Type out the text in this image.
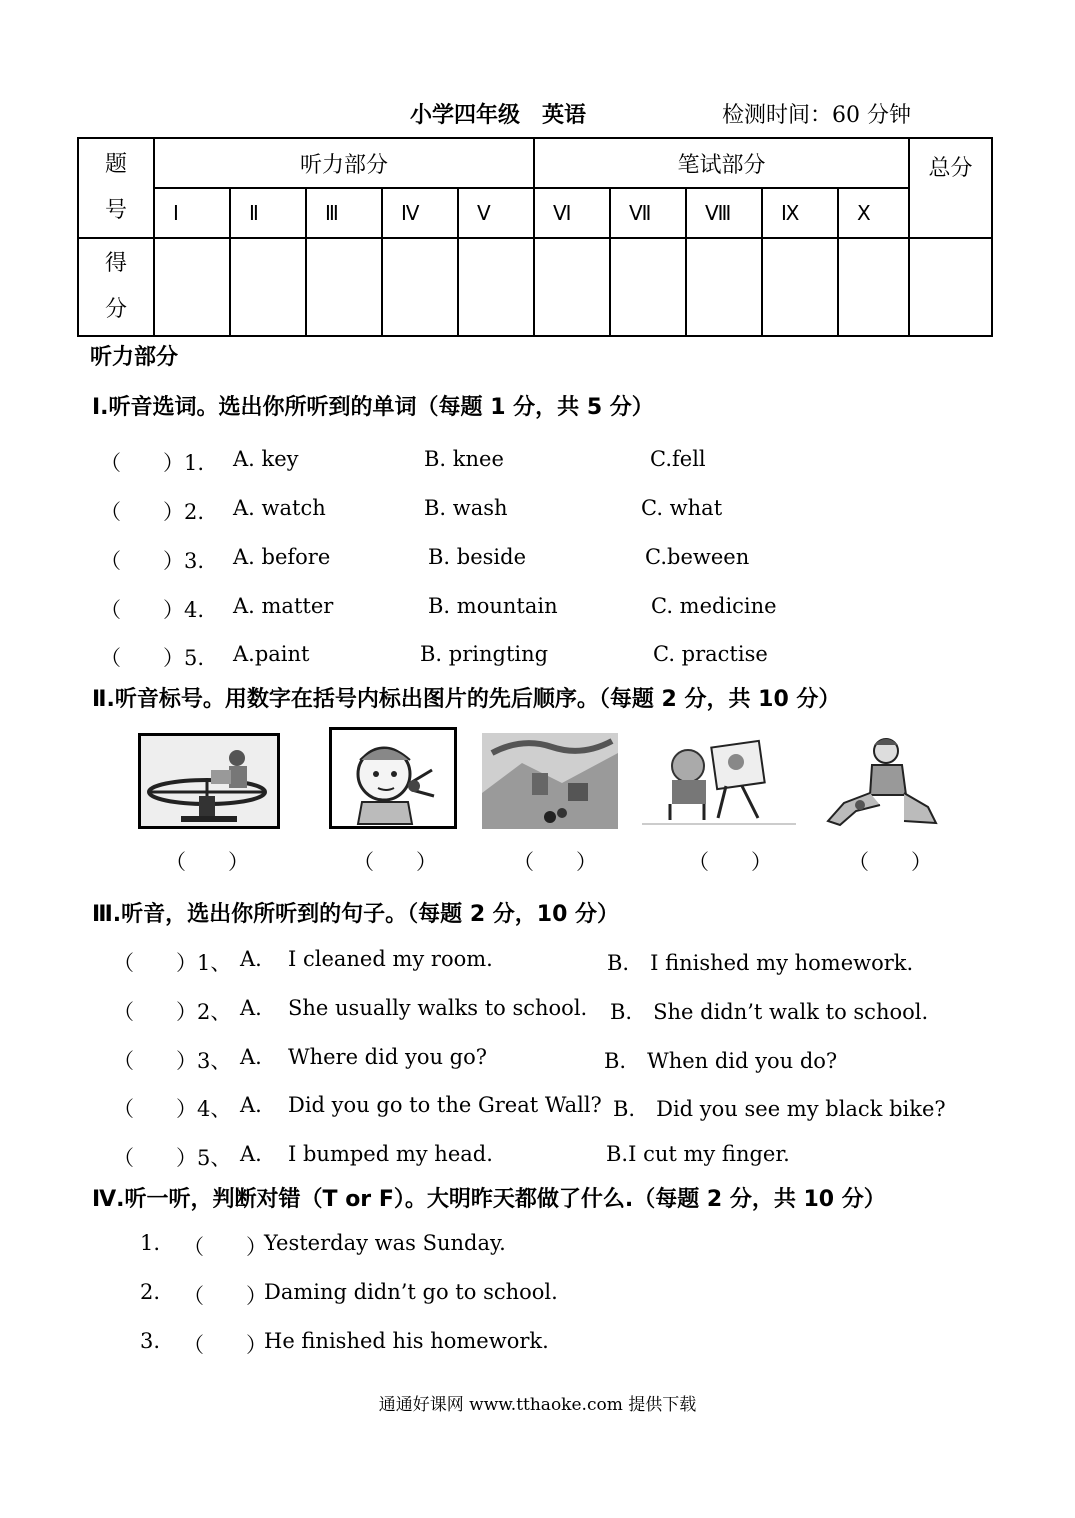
小学四年级　英语	检测时间：60 分钟
题
号	听力部分					笔试部分					总分
	Ⅰ	Ⅱ	Ⅲ	Ⅳ	Ⅴ	Ⅵ	Ⅶ	Ⅷ	Ⅸ	Ⅹ	

得
分											

听力部分
Ⅰ.听音选词。选出你所听到的单词（每题 1 分，共 5 分）
（　　）1. A. key	B. knee	C.fell
（　　）2. A. watch	B. wash	C. what
（　　）3. A. before	B. beside	C.beween
（　　）4. A. matter	B. mountain	C. medicine
（　　）5. A.paint	B. pringting	C. practise
Ⅱ.听音标号。用数字在括号内标出图片的先后顺序。（每题 2 分，共 10 分）
（　　）	（　　）	（　　）	（　　）	（　　）
Ⅲ.听音，选出你所听到的句子。（每题 2 分，10 分）
（　　）1、 A. I cleaned my room.	B.　I finished my homework.
（　　）2、 A. She usually walks to school. B.　She didn’t walk to school.
（　　）3、 A. Where did you go?	B.　When did you do?
（　　）4、 A. Did you go to the Great Wall? B.　Did you see my black bike?
（　　）5、 A. I bumped my head.	B.I cut my finger.
Ⅳ.听一听，判断对错（T or F）。大明昨天都做了什么.（每题 2 分，共 10 分）
1. （　　）
Yesterday was Sunday.
2. （　　）
Daming didn’t go to school.
3. （　　）
He finished his homework.
通通好课网 www.tthaoke.com 提供下载
